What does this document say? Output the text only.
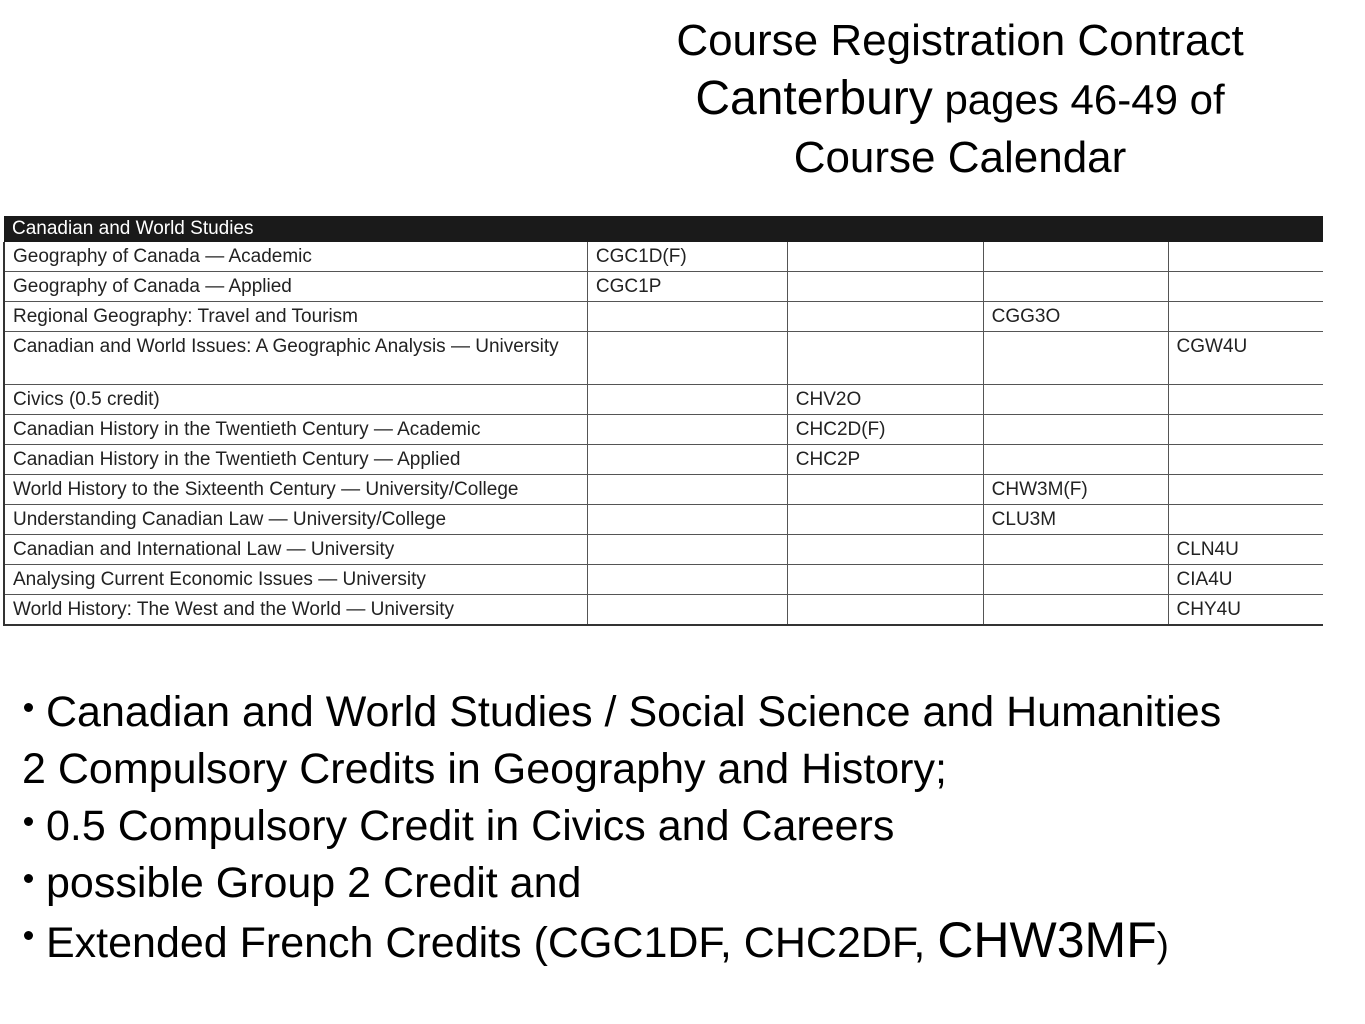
Course Registration Contract
Canterbury pages 46-49 of
Course Calendar
Canadian and World Studies				
Geography of Canada — Academic	CGC1D(F)			
Geography of Canada — Applied	CGC1P			
Regional Geography: Travel and Tourism			CGG3O	
Canadian and World Issues: A Geographic Analysis — University				CGW4U
Civics (0.5 credit)		CHV2O		
Canadian History in the Twentieth Century — Academic		CHC2D(F)		
Canadian History in the Twentieth Century — Applied		CHC2P		
World History to the Sixteenth Century — University/College			CHW3M(F)	
Understanding Canadian Law — University/College			CLU3M	
Canadian and International Law — University				CLN4U
Analysing Current Economic Issues — University				CIA4U
World History: The West and the World — University				CHY4U
Canadian and World Studies / Social Science and Humanities
2 Compulsory Credits in Geography and History;
0.5 Compulsory Credit in Civics and Careers
possible Group 2 Credit and
Extended French Credits (CGC1DF, CHC2DF, CHW3MF)
